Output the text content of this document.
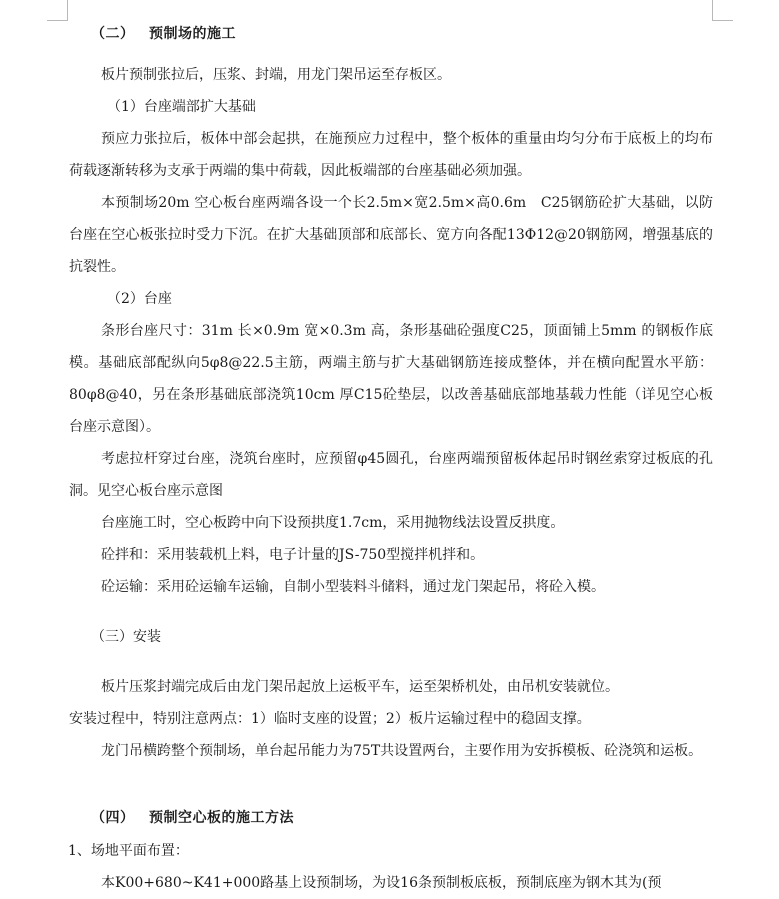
（二） 预制场的施工

板片预制张拉后，压浆、封端，用龙门架吊运至存板区。

（1）台座端部扩大基础

预应力张拉后，板体中部会起拱，在施预应力过程中，整个板体的重量由均匀分布于底板上的均布荷载逐渐转移为支承于两端的集中荷载，因此板端部的台座基础必须加强。

本预制场20m 空心板台座两端各设一个长2.5m×宽2.5m×高0.6m　C25钢筋砼扩大基础，以防台座在空心板张拉时受力下沉。在扩大基础顶部和底部长、宽方向各配13Φ12@20钢筋网，增强基底的抗裂性。

（2）台座

条形台座尺寸：31m 长×0.9m 宽×0.3m 高，条形基础砼强度C25，顶面铺上5mm 的钢板作底模。基础底部配纵向5φ8@22.5主筋，两端主筋与扩大基础钢筋连接成整体，并在横向配置水平筋：80φ8@40，另在条形基础底部浇筑10cm 厚C15砼垫层，以改善基础底部地基载力性能（详见空心板台座示意图）。

考虑拉杆穿过台座，浇筑台座时，应预留φ45圆孔，台座两端预留板体起吊时钢丝索穿过板底的孔洞。见空心板台座示意图

台座施工时，空心板跨中向下设预拱度1.7cm，采用抛物线法设置反拱度。

砼拌和：采用装载机上料，电子计量的JS-750型搅拌机拌和。

砼运输：采用砼运输车运输，自制小型装料斗储料，通过龙门架起吊，将砼入模。

（三）安装

板片压浆封端完成后由龙门架吊起放上运板平车，运至架桥机处，由吊机安装就位。

安装过程中，特别注意两点：1）临时支座的设置；2）板片运输过程中的稳固支撑。

龙门吊横跨整个预制场，单台起吊能力为75T共设置两台，主要作用为安拆模板、砼浇筑和运板。

（四） 预制空心板的施工方法
1、场地平面布置：
本K00+680~K41+000路基上设预制场，为设16条预制板底板，预制底座为钢木其为(预
